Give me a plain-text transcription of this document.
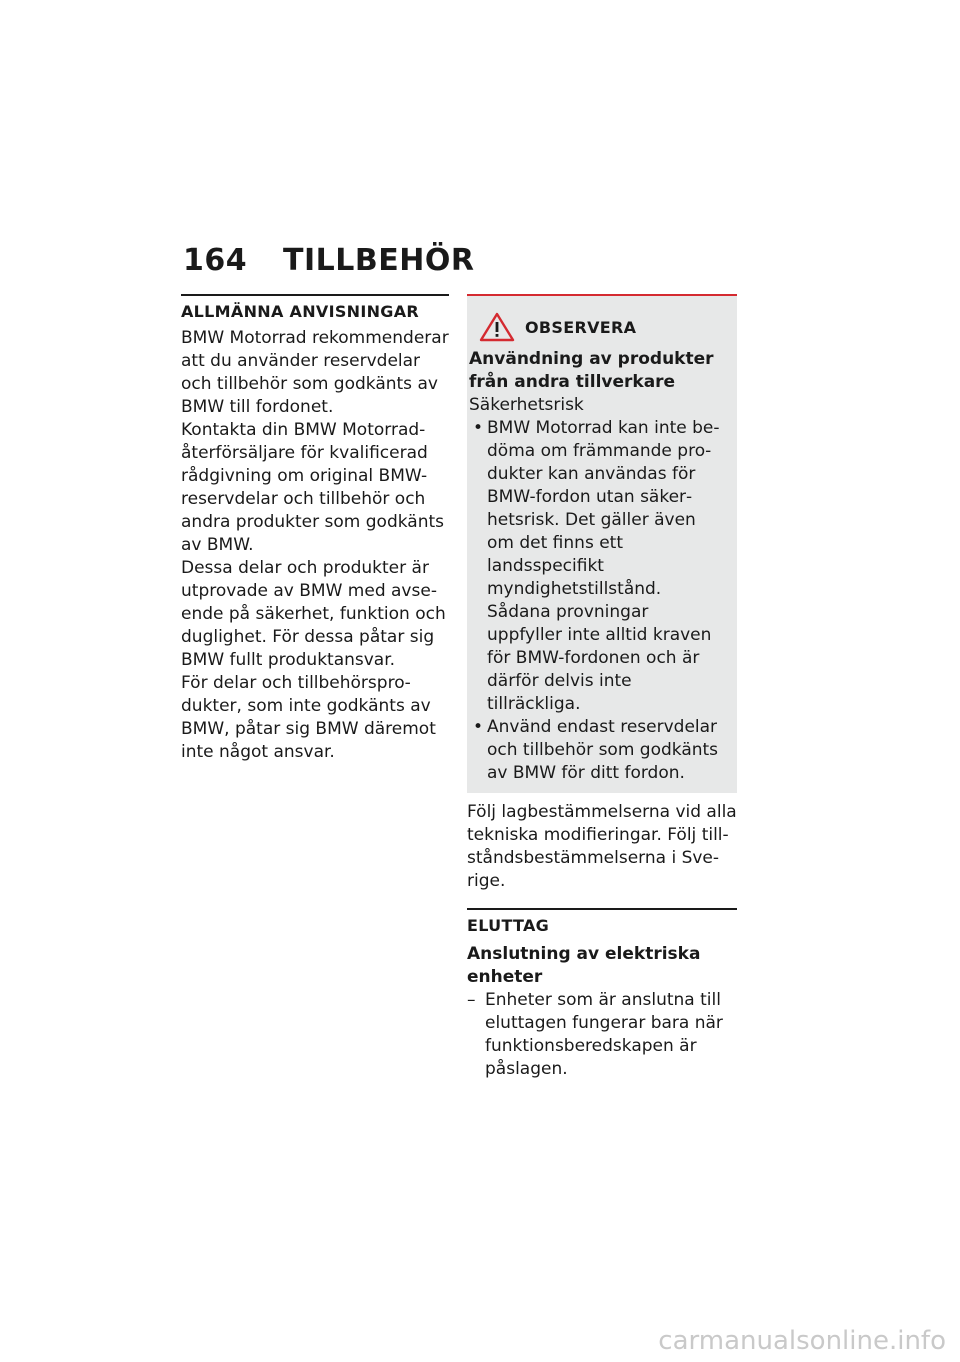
164 TILLBEHÖR
ALLMÄNNA ANVISNINGAR

BMW Motorrad rekommenderar att du använder reservdelar och tillbehör som godkänts av BMW till fordonet.

Kontakta din BMW Motorrad-återförsäljare för kvalificerad rådgivning om original BMW-reservdelar och tillbehör och andra produkter som godkänts av BMW.

Dessa delar och produkter är utprovade av BMW med avseende på säkerhet, funktion och duglighet. För dessa påtar sig BMW fullt produktansvar.

För delar och tillbehörsprodukter, som inte godkänts av BMW, påtar sig BMW däremot inte något ansvar.

OBSERVERA
Användning av produkter från andra tillverkare
Säkerhetsrisk
• BMW Motorrad kan inte bedöma om främmande produkter kan användas för BMW-fordon utan säkerhetsrisk. Det gäller även om det finns ett landsspecifikt myndighetstillstånd. Sådana provningar uppfyller inte alltid kraven för BMW-fordonen och är därför delvis inte tillräckliga.
• Använd endast reservdelar och tillbehör som godkänts av BMW för ditt fordon.

Följ lagbestämmelserna vid alla tekniska modifieringar. Följ tillståndsbestämmelserna i Sverige.

ELUTTAG
Anslutning av elektriska enheter
– Enheter som är anslutna till eluttagen fungerar bara när funktionsberedskapen är påslagen.
carmanualsonline.info
